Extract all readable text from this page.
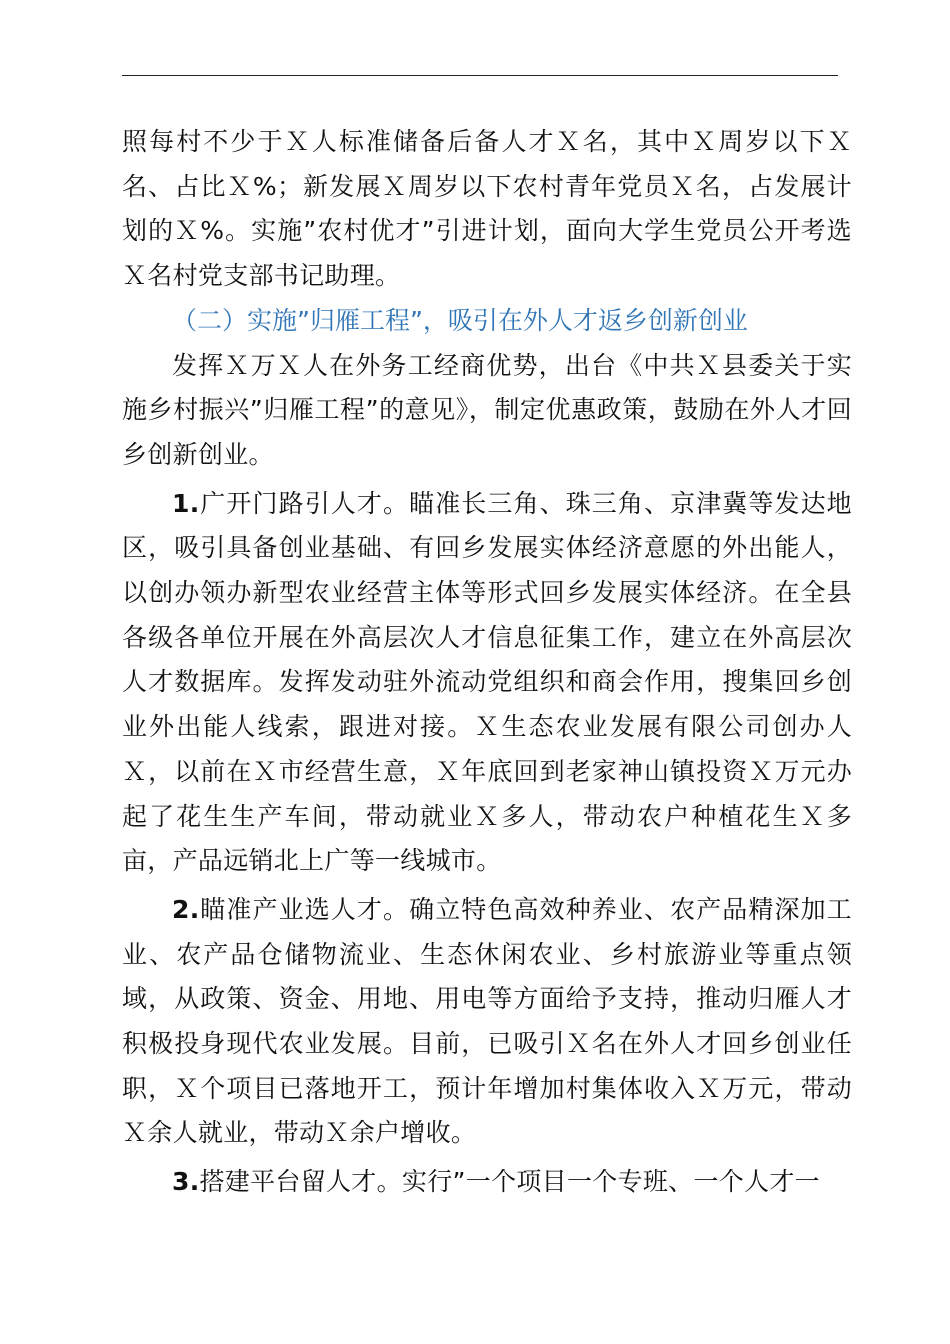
照每村不少于Ｘ人标准储备后备人才Ｘ名，其中Ｘ周岁以下Ｘ名、占比Ｘ%；新发展Ｘ周岁以下农村青年党员Ｘ名，占发展计划的Ｘ%。实施”农村优才”引进计划，面向大学生党员公开考选Ｘ名村党支部书记助理。

（二）实施”归雁工程”，吸引在外人才返乡创新创业

发挥Ｘ万Ｘ人在外务工经商优势，出台《中共Ｘ县委关于实施乡村振兴”归雁工程”的意见》，制定优惠政策，鼓励在外人才回乡创新创业。

1.广开门路引人才。瞄准长三角、珠三角、京津冀等发达地区，吸引具备创业基础、有回乡发展实体经济意愿的外出能人，以创办领办新型农业经营主体等形式回乡发展实体经济。在全县各级各单位开展在外高层次人才信息征集工作，建立在外高层次人才数据库。发挥发动驻外流动党组织和商会作用，搜集回乡创业外出能人线索，跟进对接。Ｘ生态农业发展有限公司创办人Ｘ，以前在Ｘ市经营生意，Ｘ年底回到老家神山镇投资Ｘ万元办起了花生生产车间，带动就业Ｘ多人，带动农户种植花生Ｘ多亩，产品远销北上广等一线城市。

2.瞄准产业选人才。确立特色高效种养业、农产品精深加工业、农产品仓储物流业、生态休闲农业、乡村旅游业等重点领域，从政策、资金、用地、用电等方面给予支持，推动归雁人才积极投身现代农业发展。目前，已吸引Ｘ名在外人才回乡创业任职，Ｘ个项目已落地开工，预计年增加村集体收入Ｘ万元，带动Ｘ余人就业，带动Ｘ余户增收。

3.搭建平台留人才。实行”一个项目一个专班、一个人才一
